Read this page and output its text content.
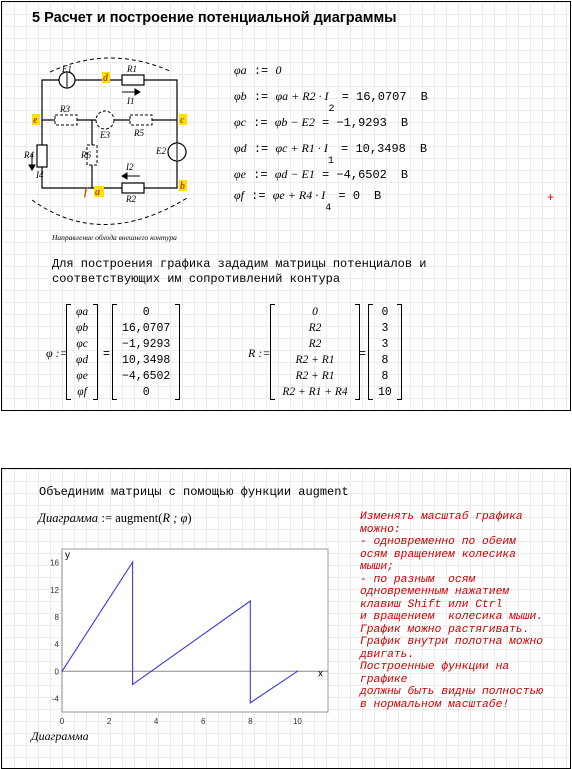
5 Расчет и построение потенциальной диаграммы
E1	R1
I1
R3
E3	R5
R6
R4
I4
E2
I2
R2
d
e	c
b
f a
Направление обхода внешнего контура
+
Для построения графика зададим матрицы потенциалов и
соответствующих им сопротивлений контура
φ :=
φa
φb
φc
φd
φe
φf
=
0
16,0707
−1,9293
10,3498
−4,6502
0
R :=
0
R2
R2
R2 + R1
R2 + R1
R2 + R1 + R4
=
0
3
3
8
8
10
φa := 0
φb := $\varphi a + R2 \cdot I_2 = 16,0707$ В
φc := φb − E2 = −1,9293 В
φd := $\varphi c + R1 \cdot I_1 = 10,3498$ В
φe := φd − E1 = −4,6502 В
φf := $\varphi e + R4 \cdot I_4 = 0$ В
Объединим матрицы с помощью функции augment
Диаграмма := augment(R ; φ)
-4
0
4
8
12
16
0	2	4	6	8	10
x
y
Диаграмма
Изменять масштаб графика
можно:
- одновременно по обеим
осям вращением колесика
мыши;
- по разным  осям
одновременным нажатием
клавиш Shift или Ctrl
и вращением  колесика мыши.
График можно растягивать.
График внутри полотна можно
двигать.
Построенные функции на
графике
должны быть видны полностью
в нормальном масштабе!
